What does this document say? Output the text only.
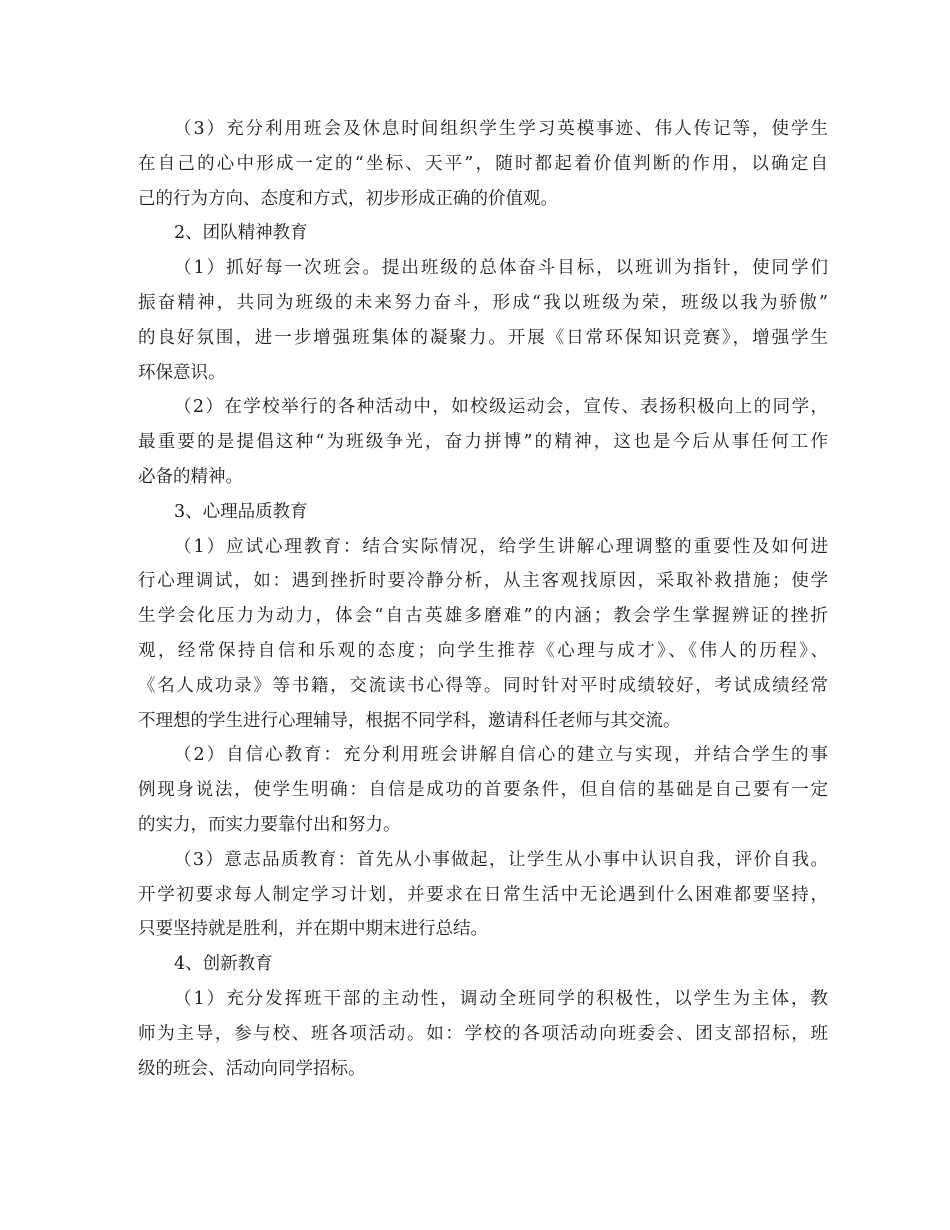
（3）充分利用班会及休息时间组织学生学习英模事迹、伟人传记等，使学生
在自己的心中形成一定的“坐标、天平”，随时都起着价值判断的作用，以确定自
己的行为方向、态度和方式，初步形成正确的价值观。
2、团队精神教育
（1）抓好每一次班会。提出班级的总体奋斗目标，以班训为指针，使同学们
振奋精神，共同为班级的未来努力奋斗，形成“我以班级为荣，班级以我为骄傲”
的良好氛围，进一步增强班集体的凝聚力。开展《日常环保知识竞赛》，增强学生
环保意识。
（2）在学校举行的各种活动中，如校级运动会，宣传、表扬积极向上的同学，
最重要的是提倡这种“为班级争光，奋力拼博”的精神，这也是今后从事任何工作
必备的精神。
3、心理品质教育
（1）应试心理教育：结合实际情况，给学生讲解心理调整的重要性及如何进
行心理调试，如：遇到挫折时要冷静分析，从主客观找原因，采取补救措施；使学
生学会化压力为动力，体会“自古英雄多磨难”的内涵；教会学生掌握辨证的挫折
观，经常保持自信和乐观的态度；向学生推荐《心理与成才》、《伟人的历程》、
《名人成功录》等书籍，交流读书心得等。同时针对平时成绩较好，考试成绩经常
不理想的学生进行心理辅导，根据不同学科，邀请科任老师与其交流。
（2）自信心教育：充分利用班会讲解自信心的建立与实现，并结合学生的事
例现身说法，使学生明确：自信是成功的首要条件，但自信的基础是自己要有一定
的实力，而实力要靠付出和努力。
（3）意志品质教育：首先从小事做起，让学生从小事中认识自我，评价自我。
开学初要求每人制定学习计划，并要求在日常生活中无论遇到什么困难都要坚持，
只要坚持就是胜利，并在期中期末进行总结。
4、创新教育
（1）充分发挥班干部的主动性，调动全班同学的积极性，以学生为主体，教
师为主导，参与校、班各项活动。如：学校的各项活动向班委会、团支部招标，班
级的班会、活动向同学招标。
